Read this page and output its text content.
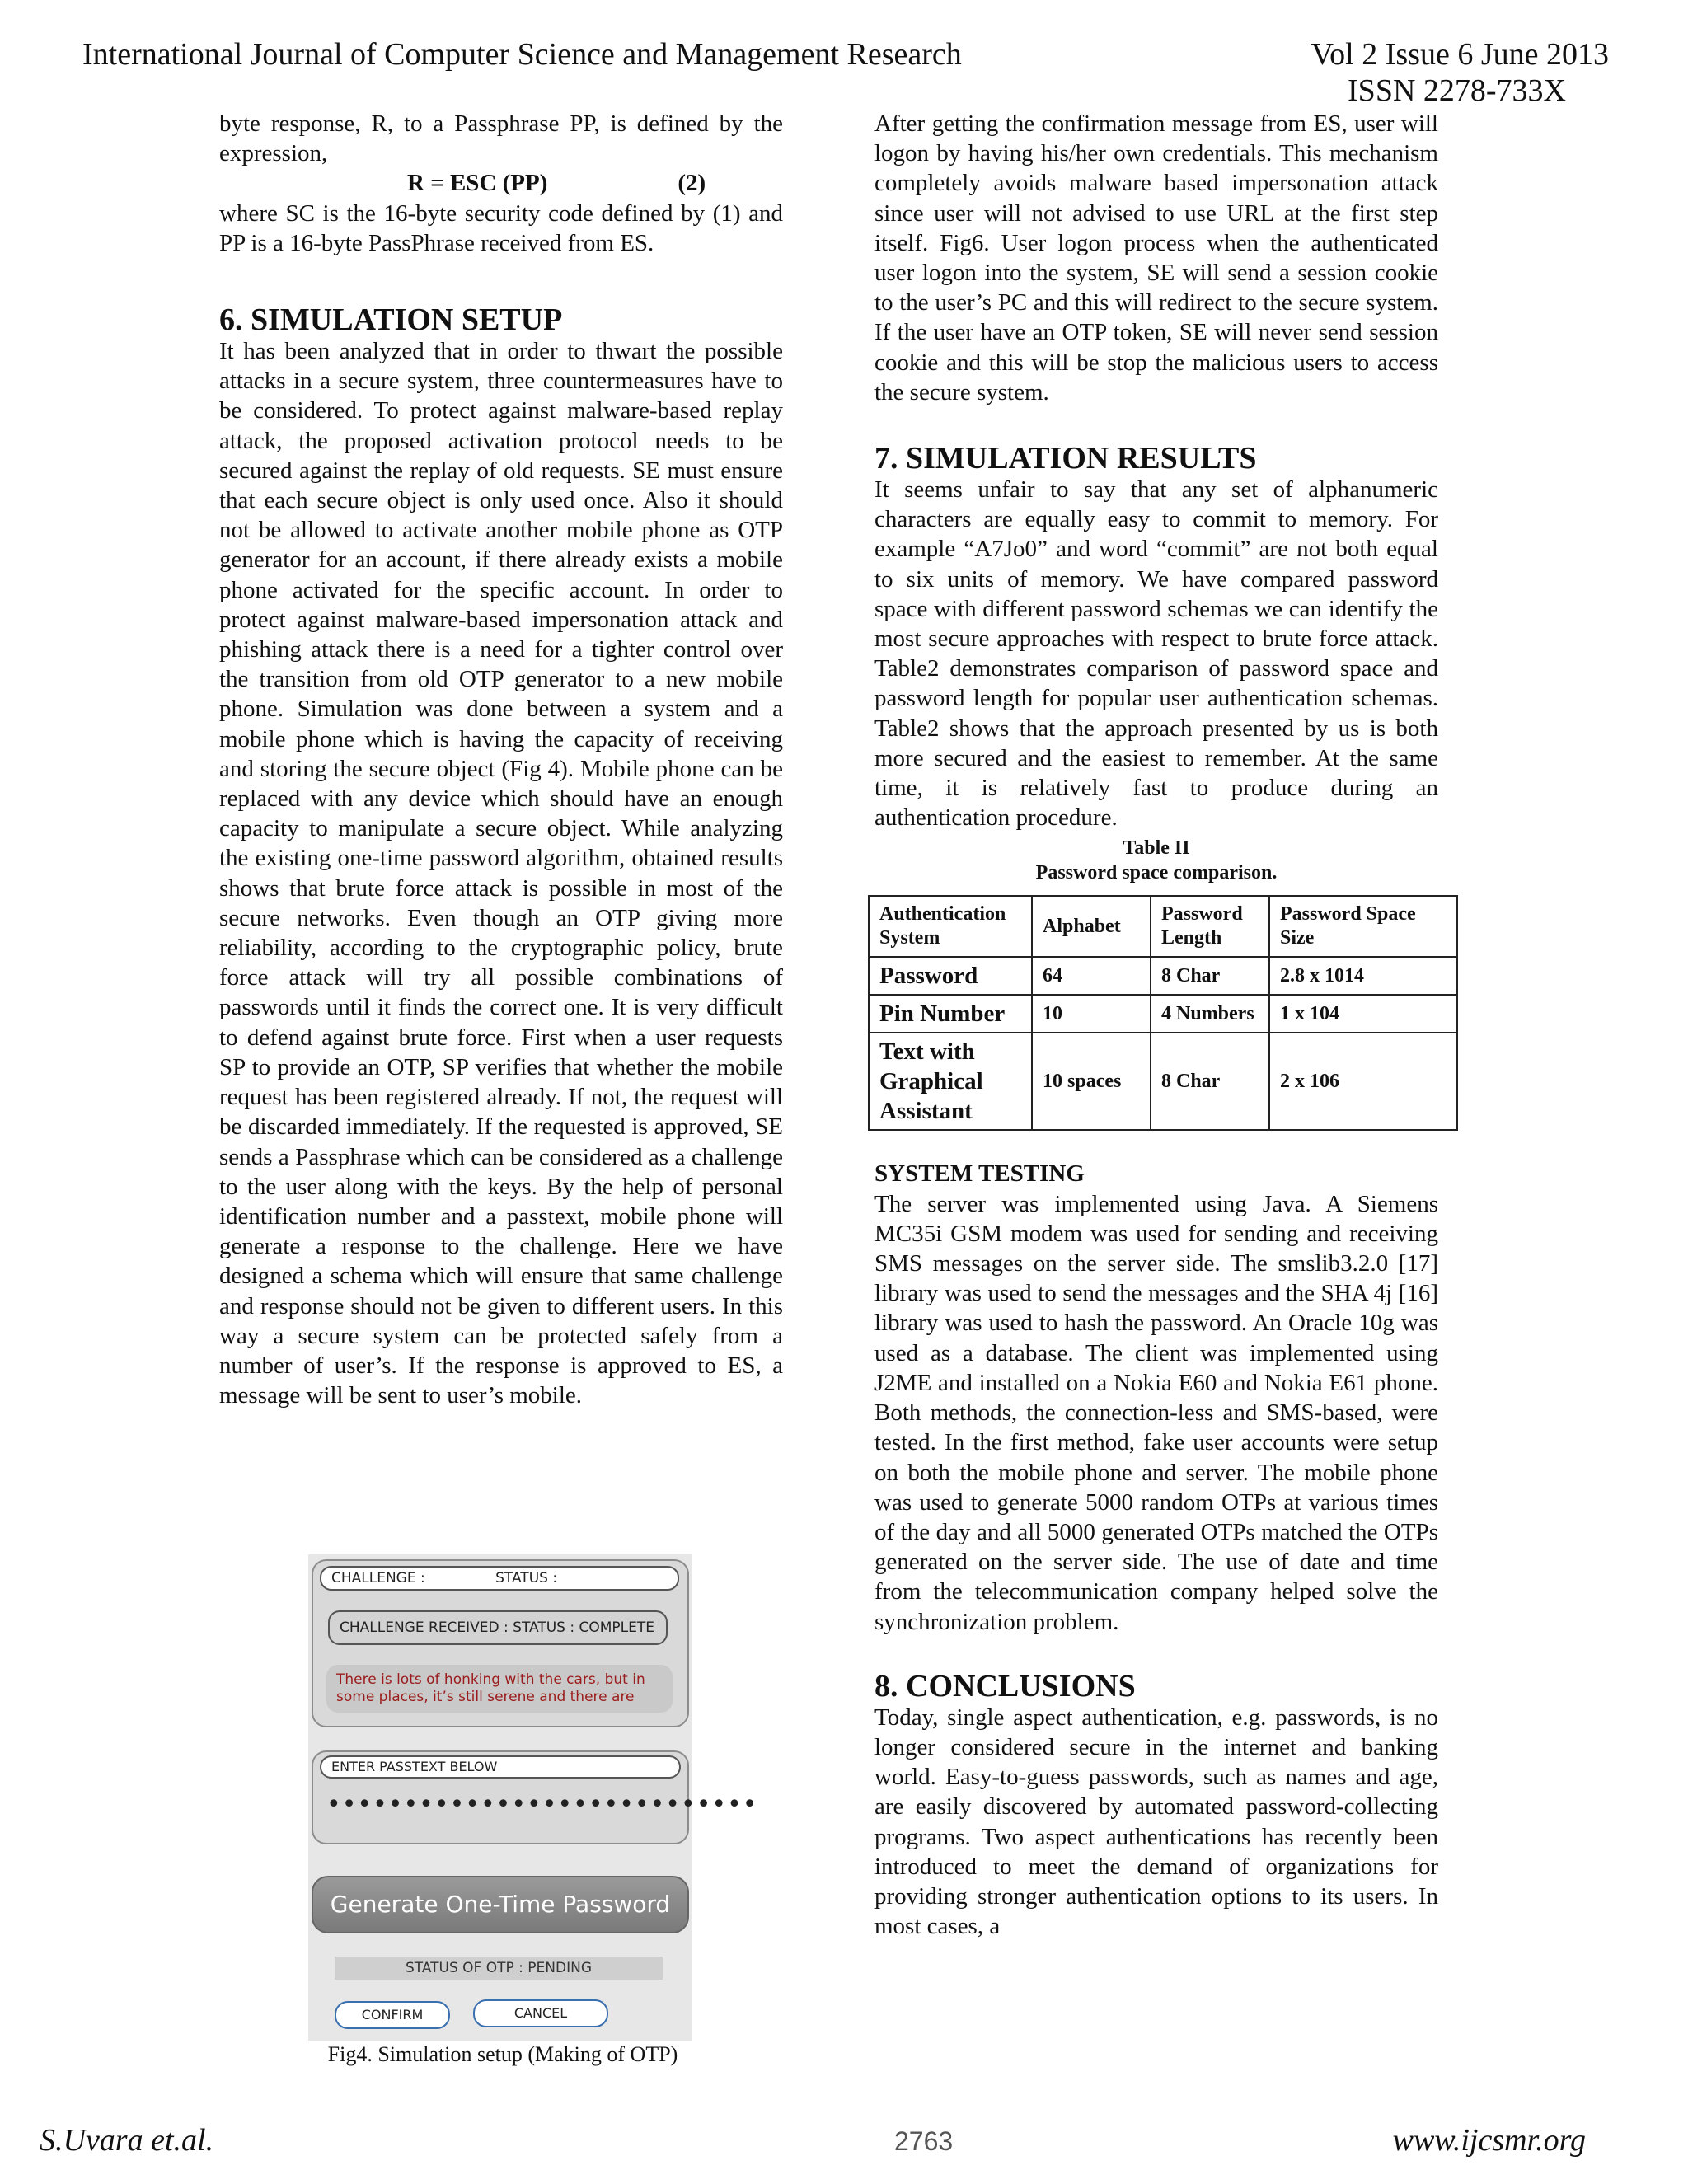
International Journal of Computer Science and Management Research	Vol 2 Issue 6 June 2013
ISSN 2278-733X

byte response, R, to a Passphrase PP, is defined by the expression,

R = ESC (PP)	(2)

where SC is the 16-byte security code defined by (1) and PP is a 16-byte PassPhrase received from ES.

6. SIMULATION SETUP

It has been analyzed that in order to thwart the possible attacks in a secure system, three countermeasures have to be considered. To protect against malware-based replay attack, the proposed activation protocol needs to be secured against the replay of old requests. SE must ensure that each secure object is only used once. Also it should not be allowed to activate another mobile phone as OTP generator for an account, if there already exists a mobile phone activated for the specific account. In order to protect against malware-based impersonation attack and phishing attack there is a need for a tighter control over the transition from old OTP generator to a new mobile phone. Simulation was done between a system and a mobile phone which is having the capacity of receiving and storing the secure object (Fig 4). Mobile phone can be replaced with any device which should have an enough capacity to manipulate a secure object. While analyzing the existing one-time password algorithm, obtained results shows that brute force attack is possible in most of the secure networks. Even though an OTP giving more reliability, according to the cryptographic policy, brute force attack will try all possible combinations of passwords until it finds the correct one. It is very difficult to defend against brute force. First when a user requests SP to provide an OTP, SP verifies that whether the mobile request has been registered already. If not, the request will be discarded immediately. If the requested is approved, SE sends a Passphrase which can be considered as a challenge to the user along with the keys. By the help of personal identification number and a passtext, mobile phone will generate a response to the challenge. Here we have designed a schema which will ensure that same challenge and response should not be given to different users. In this way a secure system can be protected safely from a number of user’s. If the response is approved to ES, a message will be sent to user’s mobile.

CHALLENGE :	STATUS :
CHALLENGE RECEIVED : STATUS : COMPLETE
There is lots of honking with the cars, but in some places, it’s still serene and there are
ENTER PASSTEXT BELOW
••••••••••••••••••••••••••••
Generate One-Time Password
STATUS OF OTP : PENDING
CONFIRM	CANCEL
Fig4. Simulation setup (Making of OTP)

After getting the confirmation message from ES, user will logon by having his/her own credentials. This mechanism completely avoids malware based impersonation attack since user will not advised to use URL at the first step itself. Fig6. User logon process when the authenticated user logon into the system, SE will send a session cookie to the user’s PC and this will redirect to the secure system. If the user have an OTP token, SE will never send session cookie and this will be stop the malicious users to access the secure system.

7. SIMULATION RESULTS

It seems unfair to say that any set of alphanumeric characters are equally easy to commit to memory. For example “A7Jo0” and word “commit” are not both equal to six units of memory. We have compared password space with different password schemas we can identify the most secure approaches with respect to brute force attack. Table2 demonstrates comparison of password space and password length for popular user authentication schemas. Table2 shows that the approach presented by us is both more secured and the easiest to remember. At the same time, it is relatively fast to produce during an authentication procedure.

Table II

Password space comparison.

Authentication System	Alphabet	Password Length	Password Space Size
Password	64	8 Char	2.8 x 1014
Pin Number	10	4 Numbers	1 x 104
Text with Graphical Assistant	10 spaces	8 Char	2 x 106

SYSTEM TESTING

The server was implemented using Java. A Siemens MC35i GSM modem was used for sending and receiving SMS messages on the server side. The smslib3.2.0 [17] library was used to send the messages and the SHA 4j [16] library was used to hash the password. An Oracle 10g was used as a database. The client was implemented using J2ME and installed on a Nokia E60 and Nokia E61 phone. Both methods, the connection-less and SMS-based, were tested. In the first method, fake user accounts were setup on both the mobile phone and server. The mobile phone was used to generate 5000 random OTPs at various times of the day and all 5000 generated OTPs matched the OTPs generated on the server side. The use of date and time from the telecommunication company helped solve the synchronization problem.

8. CONCLUSIONS

Today, single aspect authentication, e.g. passwords, is no longer considered secure in the internet and banking world. Easy-to-guess passwords, such as names and age, are easily discovered by automated password-collecting programs. Two aspect authentications has recently been introduced to meet the demand of organizations for providing stronger authentication options to its users. In most cases, a

S.Uvara et.al.	2763	www.ijcsmr.org
